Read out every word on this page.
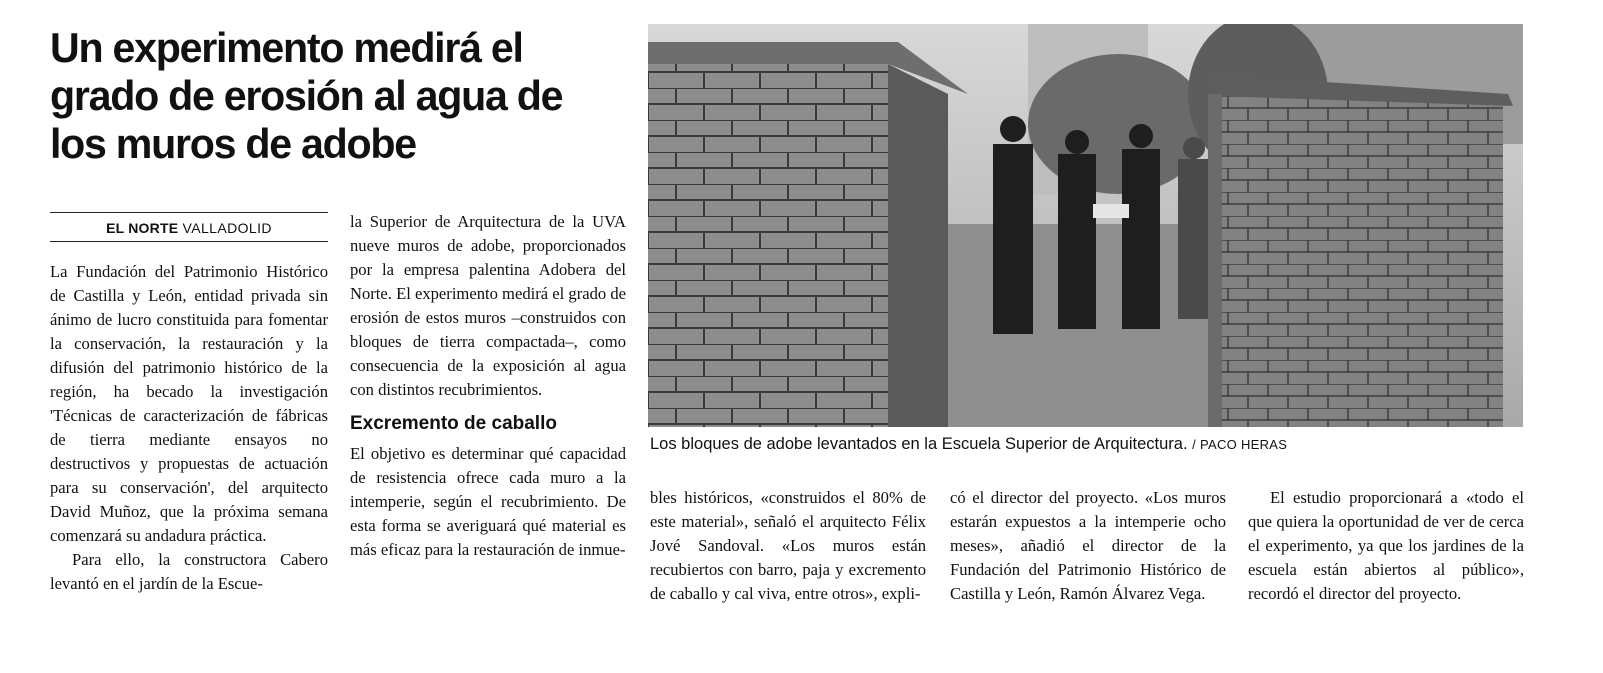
Un experimento medirá el grado de erosión al agua de los muros de adobe
EL NORTE VALLADOLID

La Fundación del Patrimonio Histórico de Castilla y León, entidad privada sin ánimo de lucro constituida para fomentar la conservación, la restauración y la difusión del patrimonio histórico de la región, ha becado la investigación 'Técnicas de caracterización de fábricas de tierra mediante ensayos no destructivos y propuestas de actuación para su conservación', del arquitecto David Muñoz, que la próxima semana comenzará su andadura práctica.

Para ello, la constructora Cabero levantó en el jardín de la Escue-

la Superior de Arquitectura de la UVA nueve muros de adobe, proporcionados por la empresa palentina Adobera del Norte. El experimento medirá el grado de erosión de estos muros –construidos con bloques de tierra compactada–, como consecuencia de la exposición al agua con distintos recubrimientos.

Excremento de caballo

El objetivo es determinar qué capacidad de resistencia ofrece cada muro a la intemperie, según el recubrimiento. De esta forma se averiguará qué material es más eficaz para la restauración de inmue-

Los bloques de adobe levantados en la Escuela Superior de Arquitectura. / PACO HERAS

bles históricos, «construidos el 80% de este material», señaló el arquitecto Félix Jové Sandoval. «Los muros están recubiertos con barro, paja y excremento de caballo y cal viva, entre otros», expli-

có el director del proyecto. «Los muros estarán expuestos a la intemperie ocho meses», añadió el director de la Fundación del Patrimonio Histórico de Castilla y León, Ramón Álvarez Vega.

El estudio proporcionará a «todo el que quiera la oportunidad de ver de cerca el experimento, ya que los jardines de la escuela están abiertos al público», recordó el director del proyecto.
